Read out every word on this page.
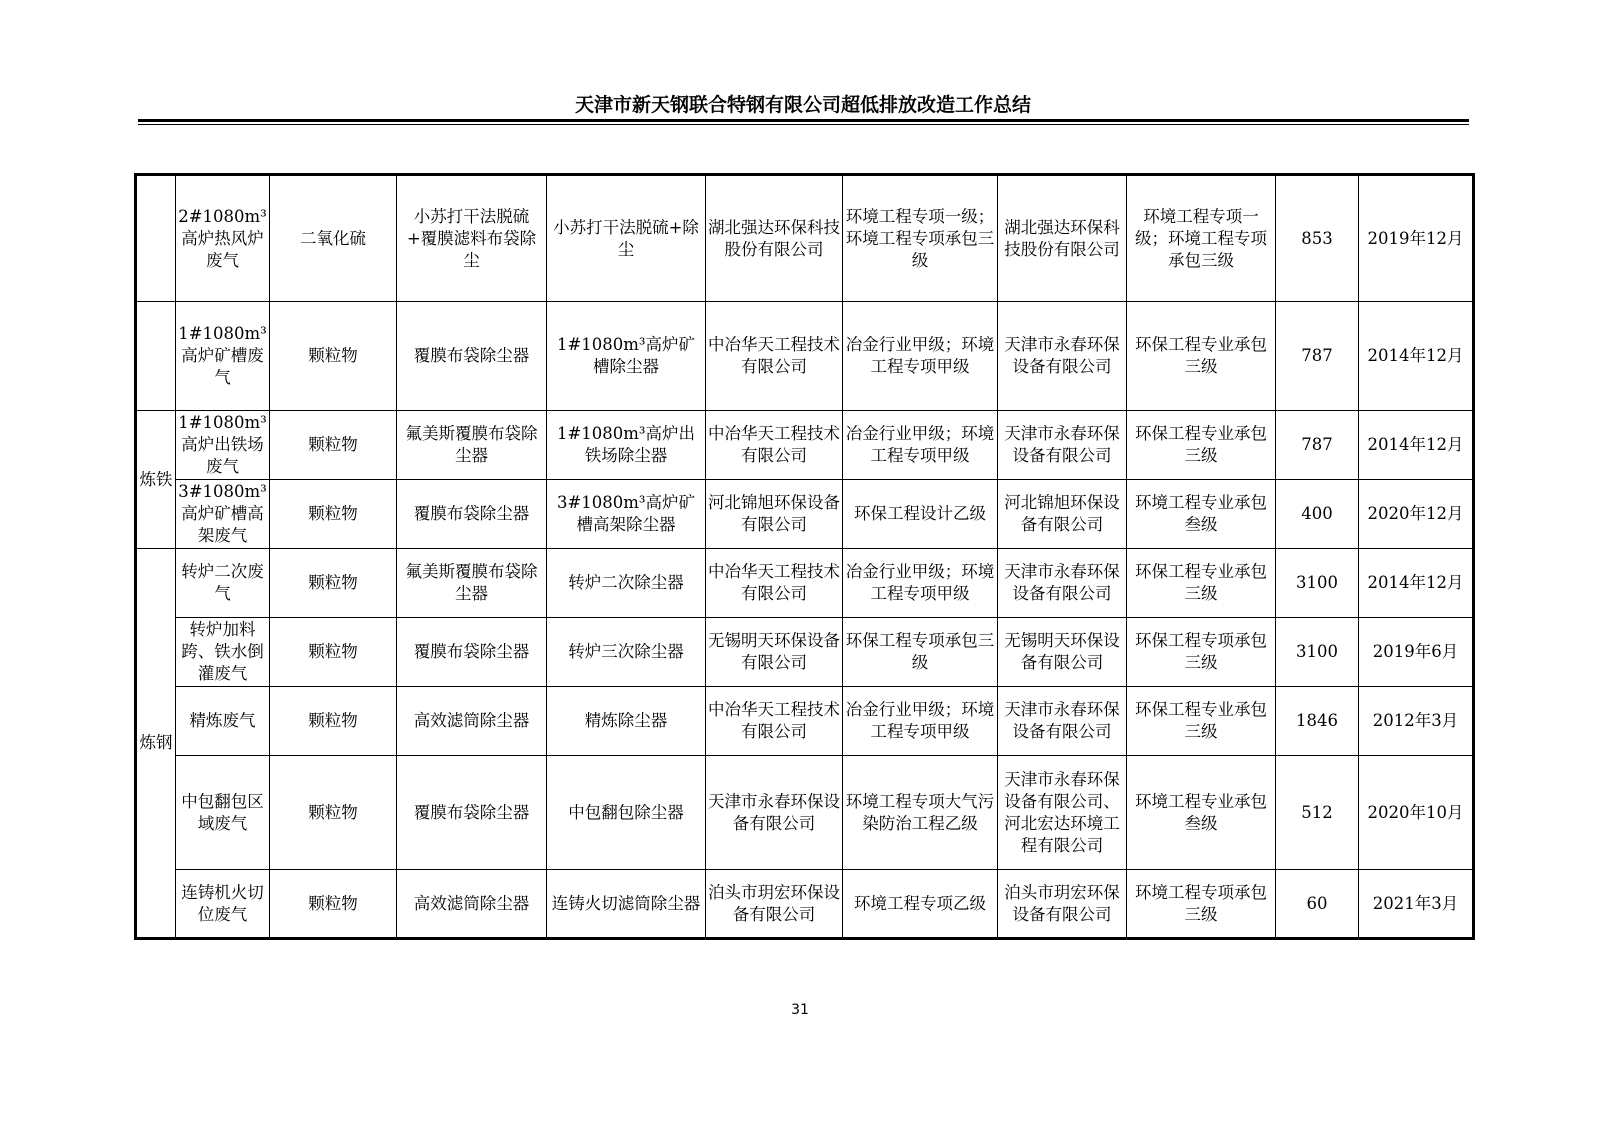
天津市新天钢联合特钢有限公司超低排放改造工作总结
	2#1080m³高炉热风炉废气	二氧化硫	小苏打干法脱硫+覆膜滤料布袋除尘	小苏打干法脱硫+除尘	湖北强达环保科技股份有限公司	环境工程专项一级；环境工程专项承包三级	湖北强达环保科技股份有限公司	环境工程专项一级；环境工程专项承包三级	853	2019年12月
	1#1080m³高炉矿槽废气	颗粒物	覆膜布袋除尘器	1#1080m³高炉矿槽除尘器	中冶华天工程技术有限公司	冶金行业甲级；环境工程专项甲级	天津市永春环保设备有限公司	环保工程专业承包三级	787	2014年12月
炼铁	1#1080m³高炉出铁场废气	颗粒物	氟美斯覆膜布袋除尘器	1#1080m³高炉出铁场除尘器	中冶华天工程技术有限公司	冶金行业甲级；环境工程专项甲级	天津市永春环保设备有限公司	环保工程专业承包三级	787	2014年12月
	3#1080m³高炉矿槽高架废气	颗粒物	覆膜布袋除尘器	3#1080m³高炉矿槽高架除尘器	河北锦旭环保设备有限公司	环保工程设计乙级	河北锦旭环保设备有限公司	环境工程专业承包叁级	400	2020年12月
炼钢	转炉二次废气	颗粒物	氟美斯覆膜布袋除尘器	转炉二次除尘器	中冶华天工程技术有限公司	冶金行业甲级；环境工程专项甲级	天津市永春环保设备有限公司	环保工程专业承包三级	3100	2014年12月
	转炉加料跨、铁水倒灌废气	颗粒物	覆膜布袋除尘器	转炉三次除尘器	无锡明天环保设备有限公司	环保工程专项承包三级	无锡明天环保设备有限公司	环保工程专项承包三级	3100	2019年6月
	精炼废气	颗粒物	高效滤筒除尘器	精炼除尘器	中冶华天工程技术有限公司	冶金行业甲级；环境工程专项甲级	天津市永春环保设备有限公司	环保工程专业承包三级	1846	2012年3月
	中包翻包区域废气	颗粒物	覆膜布袋除尘器	中包翻包除尘器	天津市永春环保设备有限公司	环境工程专项大气污染防治工程乙级	天津市永春环保设备有限公司、河北宏达环境工程有限公司	环境工程专业承包叁级	512	2020年10月
	连铸机火切位废气	颗粒物	高效滤筒除尘器	连铸火切滤筒除尘器	泊头市玥宏环保设备有限公司	环境工程专项乙级	泊头市玥宏环保设备有限公司	环境工程专项承包三级	60	2021年3月
31
